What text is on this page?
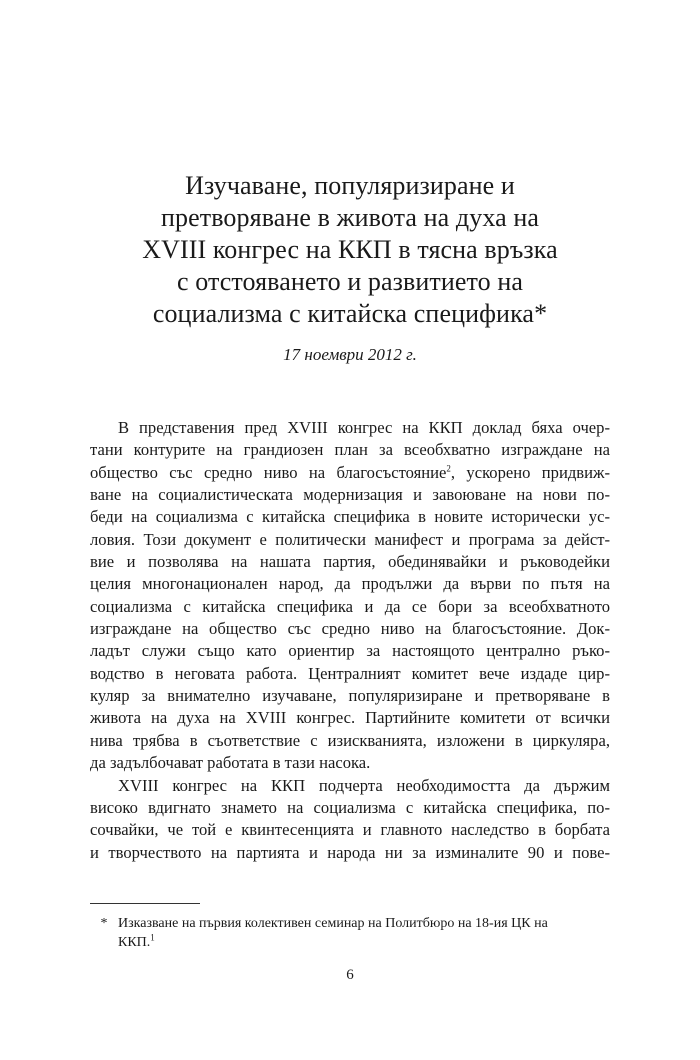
Изучаване, популяризиране и
претворяване в живота на духа на
XVIII конгрес на ККП в тясна връзка
с отстояването и развитието на
социализма с китайска специфика*
17 ноември 2012 г.
В представения пред XVIII конгрес на ККП доклад бяха очер-
тани контурите на грандиозен план за всеобхватно изграждане на
общество със средно ниво на благосъстояние$^2$, ускорено придвиж-
ване на социалистическата модернизация и завоюване на нови по-
беди на социализма с китайска специфика в новите исторически ус-
ловия. Този документ е политически манифест и програма за дейст-
вие и позволява на нашата партия, обединявайки и ръководейки
целия многонационален народ, да продължи да върви по пътя на
социализма с китайска специфика и да се бори за всеобхватното
изграждане на общество със средно ниво на благосъстояние. Док-
ладът служи също като ориентир за настоящото централно ръко-
водство в неговата работа. Централният комитет вече издаде цир-
куляр за внимателно изучаване, популяризиране и претворяване в
живота на духа на XVIII конгрес. Партийните комитети от всички
нива трябва в съответствие с изискванията, изложени в циркуляра,
да задълбочават работата в тази насока.
XVIII конгрес на ККП подчерта необходимостта да държим
високо вдигнато знамето на социализма с китайска специфика, по-
сочвайки, че той е квинтесенцията и главното наследство в борбата
и творчеството на партията и народа ни за изминалите 90 и пове-
* Изказване на първия колективен семинар на Политбюро на 18-ия ЦК на
ККП.$^1$
6
